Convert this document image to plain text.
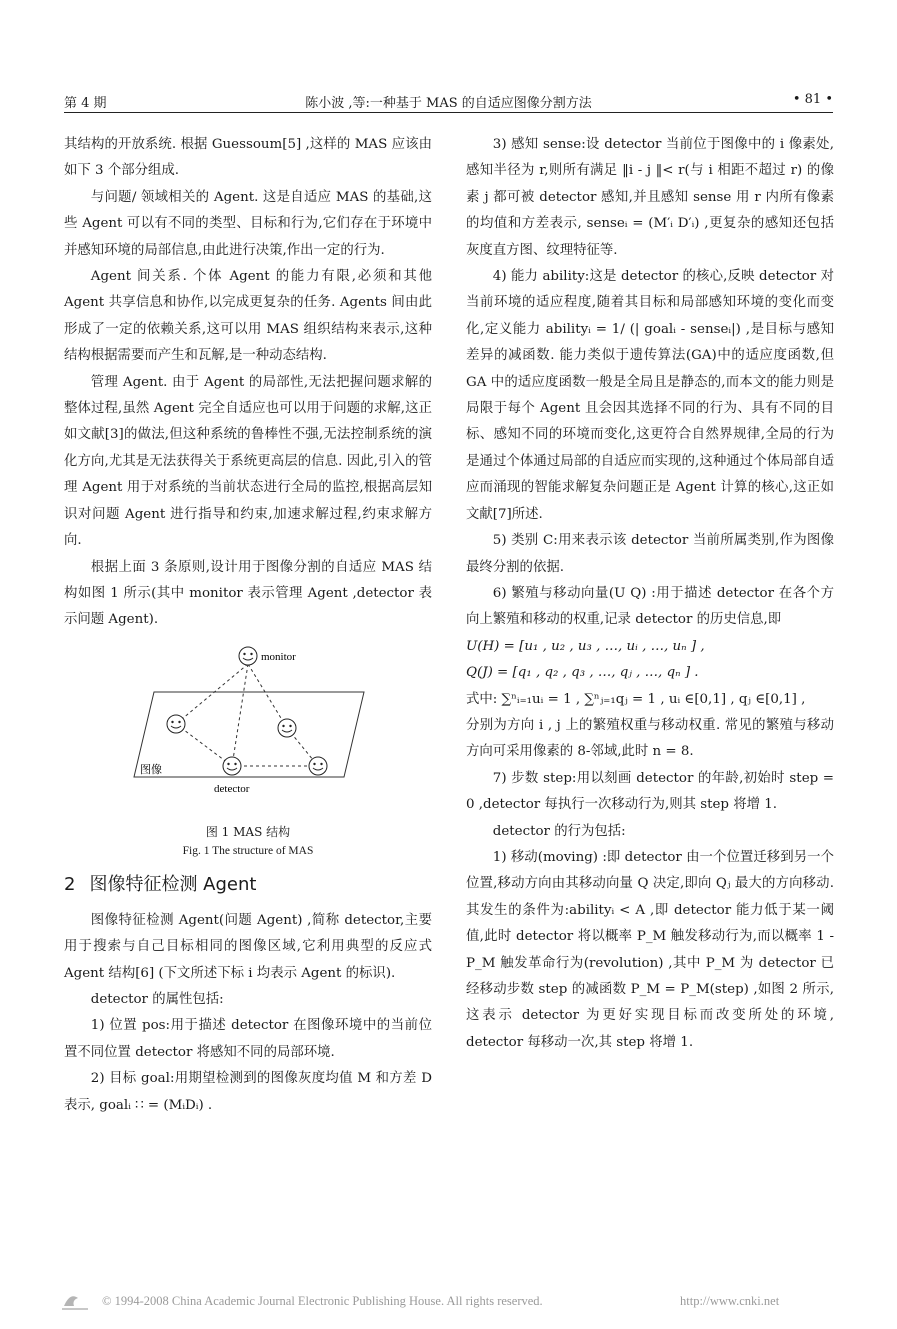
第 4 期	陈小波 ,等:一种基于 MAS 的自适应图像分割方法	• 81 •

其结构的开放系统. 根据 Guessoum[5] ,这样的 MAS 应该由如下 3 个部分组成.

与问题/ 领域相关的 Agent. 这是自适应 MAS 的基础,这些 Agent 可以有不同的类型、目标和行为,它们存在于环境中并感知环境的局部信息,由此进行决策,作出一定的行为.

Agent 间关系. 个体 Agent 的能力有限,必须和其他 Agent 共享信息和协作,以完成更复杂的任务. Agents 间由此形成了一定的依赖关系,这可以用 MAS 组织结构来表示,这种结构根据需要而产生和瓦解,是一种动态结构.

管理 Agent. 由于 Agent 的局部性,无法把握问题求解的整体过程,虽然 Agent 完全自适应也可以用于问题的求解,这正如文献[3]的做法,但这种系统的鲁棒性不强,无法控制系统的演化方向,尤其是无法获得关于系统更高层的信息. 因此,引入的管理 Agent 用于对系统的当前状态进行全局的监控,根据高层知识对问题 Agent 进行指导和约束,加速求解过程,约束求解方向.

根据上面 3 条原则,设计用于图像分割的自适应 MAS 结构如图 1 所示(其中 monitor 表示管理 Agent ,detector 表示问题 Agent).

monitor
图像
detector
图 1 MAS 结构
Fig. 1 The structure of MAS
2 图像特征检测 Agent

图像特征检测 Agent(问题 Agent) ,简称 detector,主要用于搜索与自己目标相同的图像区域,它利用典型的反应式 Agent 结构[6] (下文所述下标 i 均表示 Agent 的标识).

detector 的属性包括:

1) 位置 pos:用于描述 detector 在图像环境中的当前位置不同位置 detector 将感知不同的局部环境.

2) 目标 goal:用期望检测到的图像灰度均值 M 和方差 D 表示, goalᵢ ∷ = (MᵢDᵢ) .

3) 感知 sense:设 detector 当前位于图像中的 i 像素处,感知半径为 r,则所有满足 ‖i - j ‖< r(与 i 相距不超过 r) 的像素 j 都可被 detector 感知,并且感知 sense 用 r 内所有像素的均值和方差表示, senseᵢ = (M′ᵢ D′ᵢ) ,更复杂的感知还包括灰度直方图、纹理特征等.

4) 能力 ability:这是 detector 的核心,反映 detector 对当前环境的适应程度,随着其目标和局部感知环境的变化而变化,定义能力 abilityᵢ = 1/ (| goalᵢ - senseᵢ|) ,是目标与感知差异的减函数. 能力类似于遗传算法(GA)中的适应度函数,但 GA 中的适应度函数一般是全局且是静态的,而本文的能力则是局限于每个 Agent 且会因其选择不同的行为、具有不同的目标、感知不同的环境而变化,这更符合自然界规律,全局的行为是通过个体通过局部的自适应而实现的,这种通过个体局部自适应而涌现的智能求解复杂问题正是 Agent 计算的核心,这正如文献[7]所述.

5) 类别 C:用来表示该 detector 当前所属类别,作为图像最终分割的依据.

6) 繁殖与移动向量(U Q) :用于描述 detector 在各个方向上繁殖和移动的权重,记录 detector 的历史信息,即

U(H) = [u₁ , u₂ , u₃ , …, uᵢ , …, uₙ ] ,

Q(J) = [q₁ , q₂ , q₃ , …, qⱼ , …, qₙ ] .

式中: ∑ⁿᵢ₌₁uᵢ = 1 , ∑ⁿⱼ₌₁qⱼ = 1 , uᵢ ∈[0,1] , qⱼ ∈[0,1] ,

分别为方向 i , j 上的繁殖权重与移动权重. 常见的繁殖与移动方向可采用像素的 8-邻域,此时 n = 8.

7) 步数 step:用以刻画 detector 的年龄,初始时 step = 0 ,detector 每执行一次移动行为,则其 step 将增 1.

detector 的行为包括:

1) 移动(moving) :即 detector 由一个位置迁移到另一个位置,移动方向由其移动向量 Q 决定,即向 Qⱼ 最大的方向移动. 其发生的条件为:abilityᵢ < A ,即 detector 能力低于某一阈值,此时 detector 将以概率 P_M 触发移动行为,而以概率 1 - P_M 触发革命行为(revolution) ,其中 P_M 为 detector 已经移动步数 step 的减函数 P_M = P_M(step) ,如图 2 所示,这表示 detector 为更好实现目标而改变所处的环境, detector 每移动一次,其 step 将增 1.

© 1994-2008 China Academic Journal Electronic Publishing House. All rights reserved.	http://www.cnki.net
